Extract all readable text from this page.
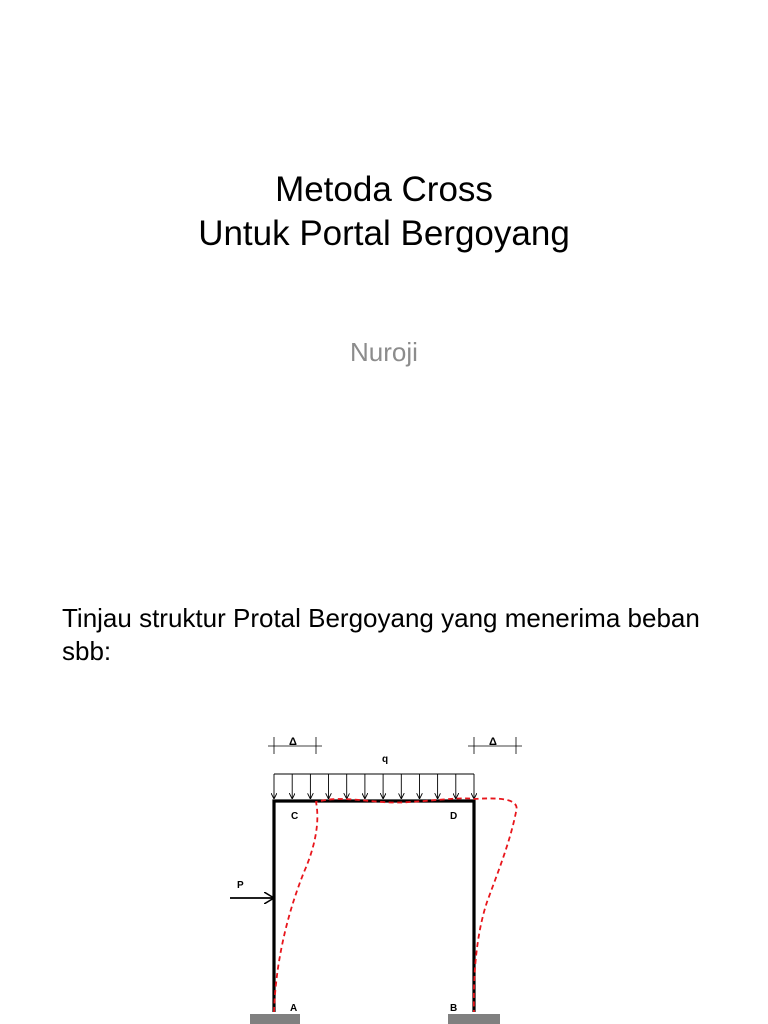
Metoda Cross
Untuk Portal Bergoyang
Nuroji
Tinjau struktur Protal Bergoyang yang menerima beban sbb:
Δ	Δ
q
P
C	D
A	B
